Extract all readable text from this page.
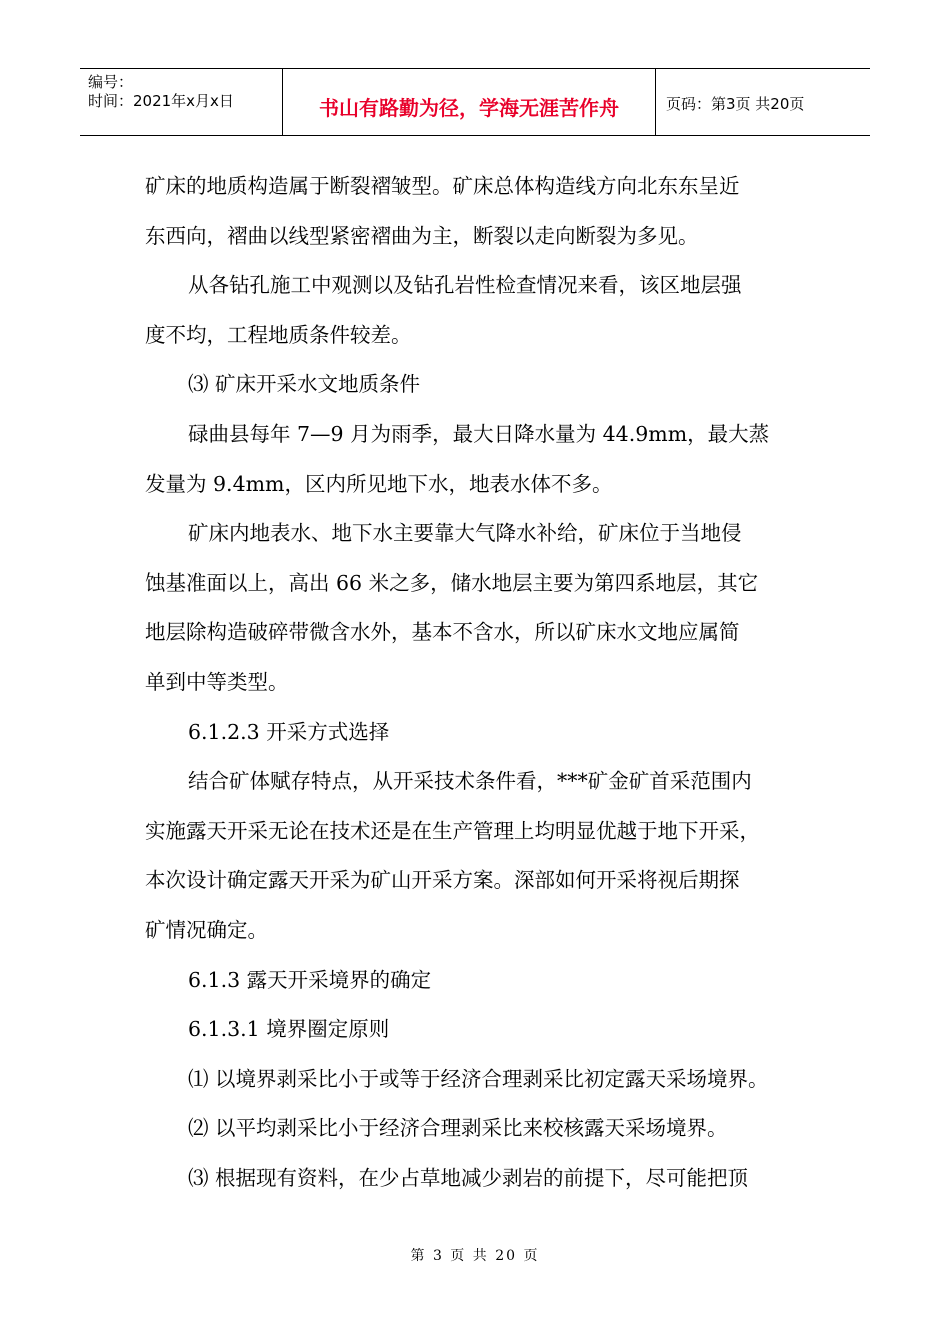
编号：
时间：2021年x月x日	书山有路勤为径，学海无涯苦作舟	页码：第3页 共20页

矿床的地质构造属于断裂褶皱型。矿床总体构造线方向北东东呈近

东西向，褶曲以线型紧密褶曲为主，断裂以走向断裂为多见。

从各钻孔施工中观测以及钻孔岩性检查情况来看，该区地层强

度不均，工程地质条件较差。

⑶ 矿床开采水文地质条件

碌曲县每年 7—9 月为雨季，最大日降水量为 44.9mm，最大蒸

发量为 9.4mm，区内所见地下水，地表水体不多。

矿床内地表水、地下水主要靠大气降水补给，矿床位于当地侵

蚀基准面以上，高出 66 米之多，储水地层主要为第四系地层，其它

地层除构造破碎带微含水外，基本不含水，所以矿床水文地应属简

单到中等类型。

6.1.2.3 开采方式选择

结合矿体赋存特点，从开采技术条件看，***矿金矿首采范围内

实施露天开采无论在技术还是在生产管理上均明显优越于地下开采，

本次设计确定露天开采为矿山开采方案。深部如何开采将视后期探

矿情况确定。

6.1.3 露天开采境界的确定

6.1.3.1 境界圈定原则

⑴ 以境界剥采比小于或等于经济合理剥采比初定露天采场境界。

⑵ 以平均剥采比小于经济合理剥采比来校核露天采场境界。

⑶ 根据现有资料，在少占草地减少剥岩的前提下，尽可能把顶

第 3 页 共 20 页
